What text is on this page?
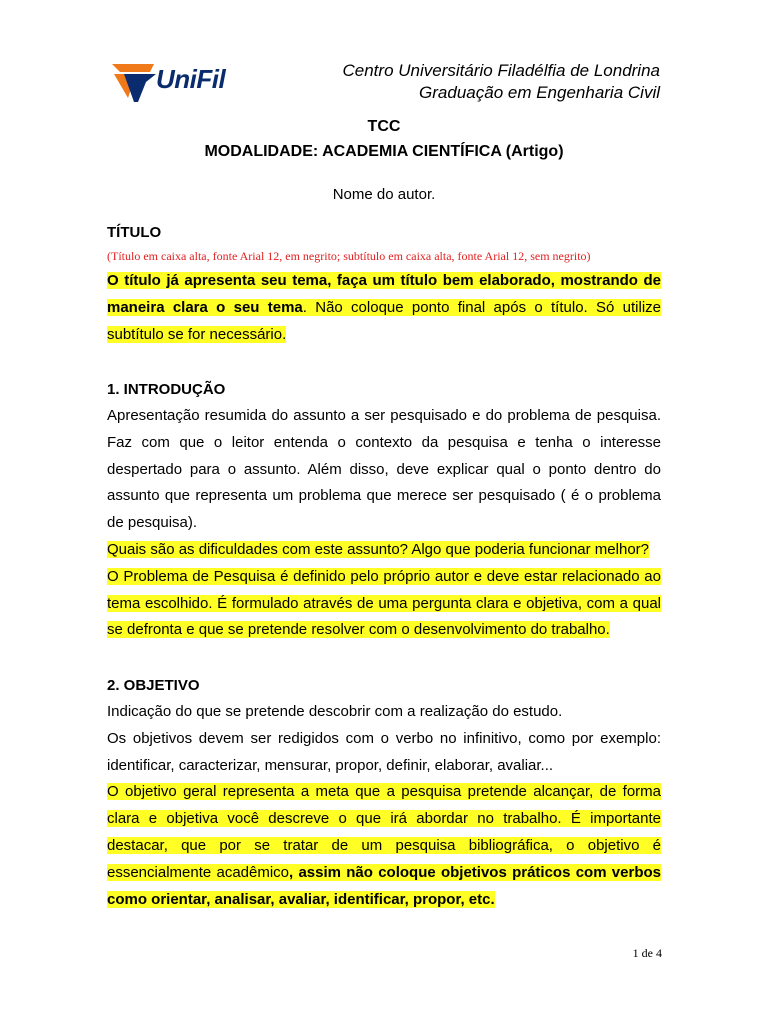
UniFil	Centro Universitário Filadélfia de Londrina
Graduação em Engenharia Civil
TCC
MODALIDADE: ACADEMIA CIENTÍFICA (Artigo)
Nome do autor.
TÍTULO
(Título em caixa alta, fonte Arial 12, em negrito; subtítulo em caixa alta, fonte Arial 12, sem negrito)

O título já apresenta seu tema, faça um título bem elaborado, mostrando de maneira clara o seu tema. Não coloque ponto final após o título. Só utilize subtítulo se for necessário.

1. INTRODUÇÃO

Apresentação resumida do assunto a ser pesquisado e do problema de pesquisa. Faz com que o leitor entenda o contexto da pesquisa e tenha o interesse despertado para o assunto. Além disso, deve explicar qual o ponto dentro do assunto que representa um problema que merece ser pesquisado ( é o problema de pesquisa).

Quais são as dificuldades com este assunto? Algo que poderia funcionar melhor?

O Problema de Pesquisa é definido pelo próprio autor e deve estar relacionado ao tema escolhido. É formulado através de uma pergunta clara e objetiva, com a qual se defronta e que se pretende resolver com o desenvolvimento do trabalho.

2. OBJETIVO

Indicação do que se pretende descobrir com a realização do estudo.

Os objetivos devem ser redigidos com o verbo no infinitivo, como por exemplo: identificar, caracterizar, mensurar, propor, definir, elaborar, avaliar...

O objetivo geral representa a meta que a pesquisa pretende alcançar, de forma clara e objetiva você descreve o que irá abordar no trabalho. É importante destacar, que por se tratar de um pesquisa bibliográfica, o objetivo é essencialmente acadêmico, assim não coloque objetivos práticos com verbos como orientar, analisar, avaliar, identificar, propor, etc.

1 de 4
